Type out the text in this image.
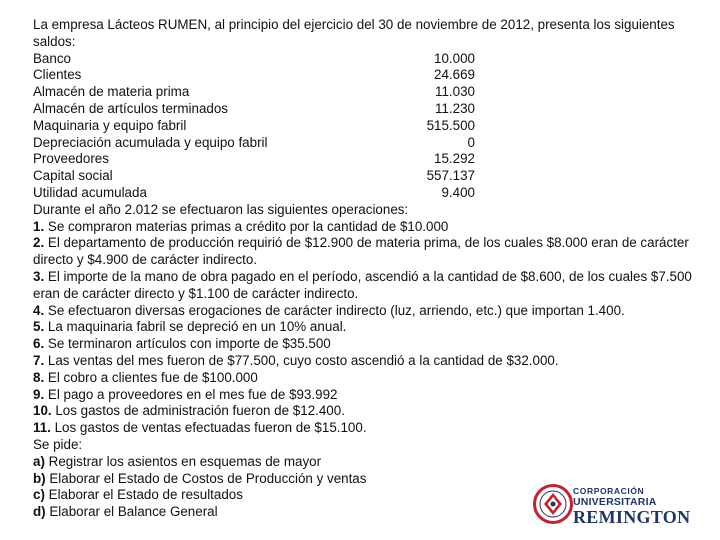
La empresa Lácteos RUMEN, al principio del ejercicio del 30 de noviembre de 2012, presenta los siguientes saldos:
Banco	10.000
Clientes	24.669
Almacén de materia prima	11.030
Almacén de artículos terminados	11.230
Maquinaria y equipo fabril	515.500
Depreciación acumulada y equipo fabril	0
Proveedores	15.292
Capital social	557.137
Utilidad acumulada	9.400
Durante el año 2.012 se efectuaron las siguientes operaciones:
1. Se compraron materias primas a crédito por la cantidad de $10.000
2. El departamento de producción requirió de $12.900 de materia prima, de los cuales $8.000 eran de carácter directo y $4.900 de carácter indirecto.
3. El importe de la mano de obra pagado en el período, ascendió a la cantidad de $8.600, de los cuales $7.500 eran de carácter directo y $1.100 de carácter indirecto.
4. Se efectuaron diversas erogaciones de carácter indirecto (luz, arriendo, etc.) que importan 1.400.
5. La maquinaria fabril se depreció en un 10% anual.
6. Se terminaron artículos con importe de $35.500
7. Las ventas del mes fueron de $77.500, cuyo costo ascendió a la cantidad de $32.000.
8. El cobro a clientes fue de $100.000
9. El pago a proveedores en el mes fue de $93.992
10. Los gastos de administración fueron de $12.400.
11. Los gastos de ventas efectuadas fueron de $15.100.
Se pide:
a) Registrar los asientos en esquemas de mayor
b) Elaborar el Estado de Costos de Producción y ventas
c) Elaborar el Estado de resultados
d) Elaborar el Balance General
CORPORACIÓN
UNIVERSITARIA
REMINGTON
